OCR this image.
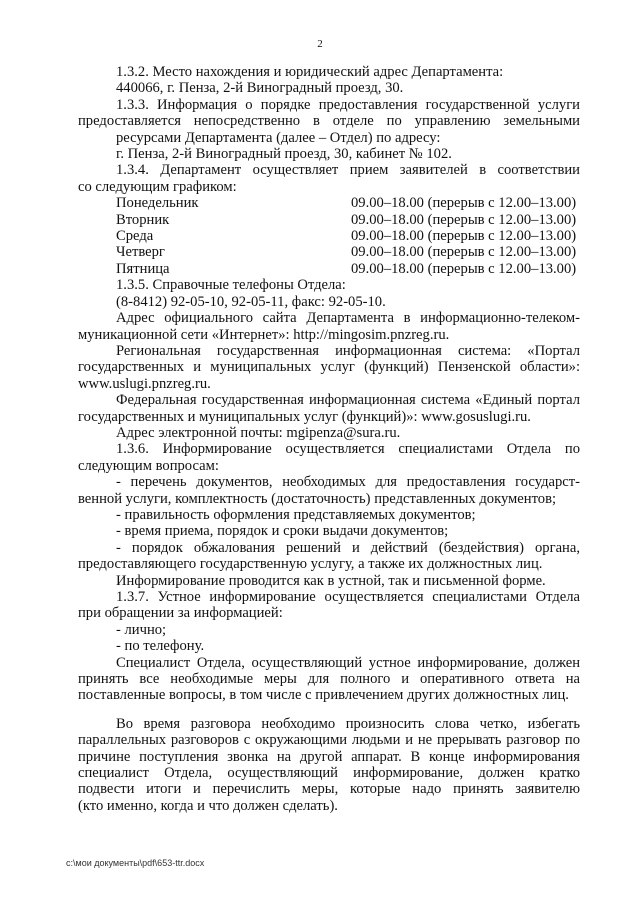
2
1.3.2. Место нахождения и юридический адрес Департамента:
440066, г. Пенза, 2-й Виноградный проезд, 30.
1.3.3. Информация о порядке предоставления государственной услуги
предоставляется непосредственно в отделе по управлению земельными
ресурсами Департамента (далее – Отдел) по адресу:
г. Пенза, 2-й Виноградный проезд, 30, кабинет № 102.
1.3.4. Департамент осуществляет прием заявителей в соответствии
со следующим графиком:
Понедельник	09.00–18.00 (перерыв с 12.00–13.00)
Вторник	09.00–18.00 (перерыв с 12.00–13.00)
Среда	09.00–18.00 (перерыв с 12.00–13.00)
Четверг	09.00–18.00 (перерыв с 12.00–13.00)
Пятница	09.00–18.00 (перерыв с 12.00–13.00)
1.3.5. Справочные телефоны Отдела:
(8-8412) 92-05-10, 92-05-11, факс: 92-05-10.
Адрес официального сайта Департамента в информационно-телеком-
муникационной сети «Интернет»: http://mingosim.pnzreg.ru.
Региональная государственная информационная система: «Портал
государственных и муниципальных услуг (функций) Пензенской области»:
www.uslugi.pnzreg.ru.
Федеральная государственная информационная система «Единый портал
государственных и муниципальных услуг (функций)»: www.gosuslugi.ru.
Адрес электронной почты: mgipenza@sura.ru.
1.3.6. Информирование осуществляется специалистами Отдела по
следующим вопросам:
- перечень документов, необходимых для предоставления государст-
венной услуги, комплектность (достаточность) представленных документов;
- правильность оформления представляемых документов;
- время приема, порядок и сроки выдачи документов;
- порядок обжалования решений и действий (бездействия) органа,
предоставляющего государственную услугу, а также их должностных лиц.
Информирование проводится как в устной, так и письменной форме.
1.3.7. Устное информирование осуществляется специалистами Отдела
при обращении за информацией:
- лично;
- по телефону.
Специалист Отдела, осуществляющий устное информирование, должен
принять все необходимые меры для полного и оперативного ответа на
поставленные вопросы, в том числе с привлечением других должностных лиц.
Во время разговора необходимо произносить слова четко, избегать
параллельных разговоров с окружающими людьми и не прерывать разговор по
причине поступления звонка на другой аппарат. В конце информирования
специалист Отдела, осуществляющий информирование, должен кратко
подвести итоги и перечислить меры, которые надо принять заявителю
(кто именно, когда и что должен сделать).
c:\мои документы\pdf\653-ttr.docx
